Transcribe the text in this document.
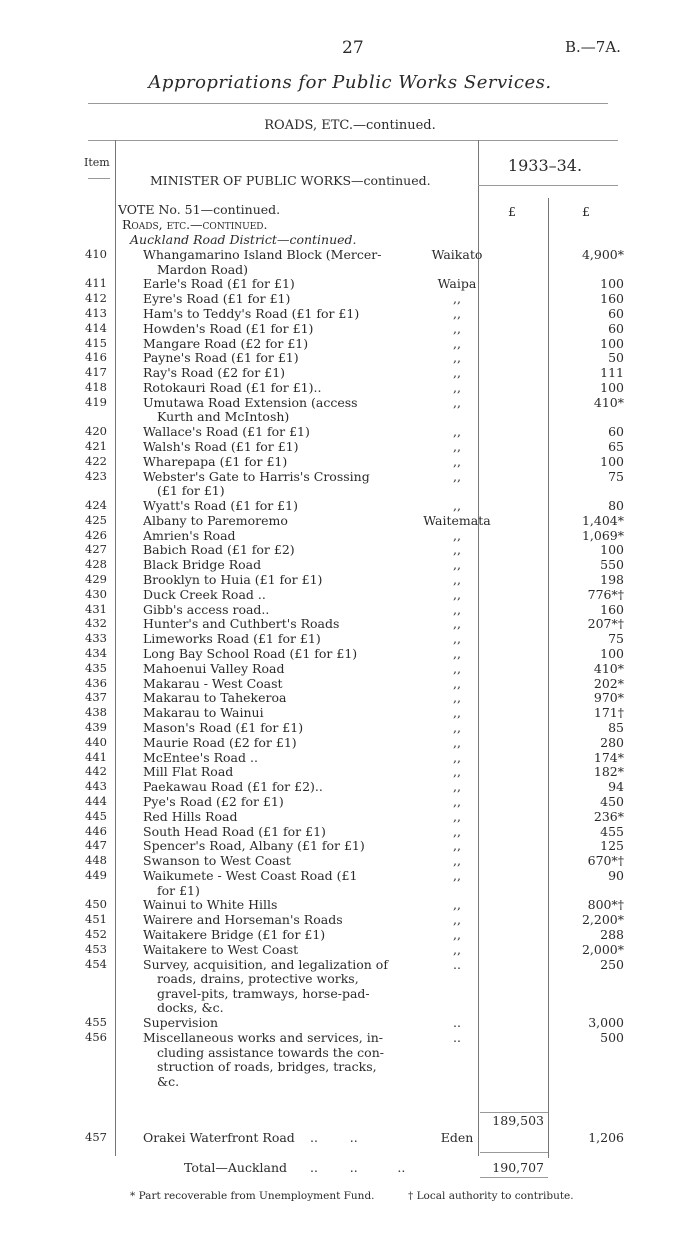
27	B.—7A.
Appropriations for Public Works Services.
ROADS, ETC.—continued.
Item	1933–34.
MINISTER OF PUBLIC WORKS—continued.
VOTE No. 51—continued.
Roads, etc.—continued.
Auckland Road District—continued.
£	£
410	Whangamarino Island Block (Mercer-	Waikato	4,900*
Mardon Road)
411	Earle's Road (£1 for £1)	Waipa	100
412	Eyre's Road (£1 for £1)	,,	160
413	Ham's to Teddy's Road (£1 for £1)	,,	60
414	Howden's Road (£1 for £1)	,,	60
415	Mangare Road (£2 for £1)	,,	100
416	Payne's Road (£1 for £1)	,,	50
417	Ray's Road (£2 for £1)	,,	111
418	Rotokauri Road (£1 for £1)..	,,	100
419	Umutawa Road Extension (access	,,	410*
Kurth and McIntosh)
420	Wallace's Road (£1 for £1)	,,	60
421	Walsh's Road (£1 for £1)	,,	65
422	Wharepapa (£1 for £1)	,,	100
423	Webster's Gate to Harris's Crossing	,,	75
(£1 for £1)
424	Wyatt's Road (£1 for £1)	,,	80
425	Albany to Paremoremo	Waitemata	1,404*
426	Amrien's Road	,,	1,069*
427	Babich Road (£1 for £2)	,,	100
428	Black Bridge Road	,,	550
429	Brooklyn to Huia (£1 for £1)	,,	198
430	Duck Creek Road ..	,,	776*†
431	Gibb's access road..	,,	160
432	Hunter's and Cuthbert's Roads	,,	207*†
433	Limeworks Road (£1 for £1)	,,	75
434	Long Bay School Road (£1 for £1)	,,	100
435	Mahoenui Valley Road	,,	410*
436	Makarau - West Coast	,,	202*
437	Makarau to Tahekeroa	,,	970*
438	Makarau to Wainui	,,	171†
439	Mason's Road (£1 for £1)	,,	85
440	Maurie Road (£2 for £1)	,,	280
441	McEntee's Road ..	,,	174*
442	Mill Flat Road	,,	182*
443	Paekawau Road (£1 for £2)..	,,	94
444	Pye's Road (£2 for £1)	,,	450
445	Red Hills Road	,,	236*
446	South Head Road (£1 for £1)	,,	455
447	Spencer's Road, Albany (£1 for £1)	,,	125
448	Swanson to West Coast	,,	670*†
449	Waikumete - West Coast Road (£1	,,	90
for £1)
450	Wainui to White Hills	,,	800*†
451	Wairere and Horseman's Roads	,,	2,200*
452	Waitakere Bridge (£1 for £1)	,,	288
453	Waitakere to West Coast	,,	2,000*
454	Survey, acquisition, and legalization of	..	250
roads, drains, protective works,
gravel-pits, tramways, horse-pad-
docks, &c.
455	Supervision	..	3,000
456	Miscellaneous works and services, in-	..	500
cluding assistance towards the con-
struction of roads, bridges, tracks,
&c.
189,503
457	Orakei Waterfront Road	..        ..	Eden	1,206
Total—Auckland ..        ..          ..	190,707
* Part recoverable from Unemployment Fund.	† Local authority to contribute.
